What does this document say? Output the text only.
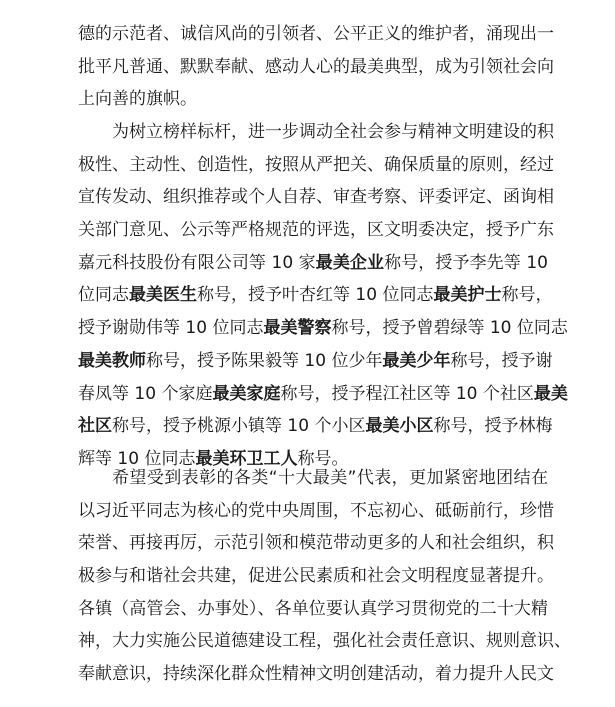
德的示范者、诚信风尚的引领者、公平正义的维护者，涌现出一
批平凡普通、默默奉献、感动人心的最美典型，成为引领社会向
上向善的旗帜。
为树立榜样标杆，进一步调动全社会参与精神文明建设的积
极性、主动性、创造性，按照从严把关、确保质量的原则，经过
宣传发动、组织推荐或个人自荐、审查考察、评委评定、函询相
关部门意见、公示等严格规范的评选，区文明委决定，授予广东
嘉元科技股份有限公司等 10 家最美企业称号，授予李先等 10
位同志最美医生称号，授予叶杏红等 10 位同志最美护士称号，
授予谢勋伟等 10 位同志最美警察称号，授予曾碧绿等 10 位同志
最美教师称号，授予陈果毅等 10 位少年最美少年称号，授予谢
春凤等 10 个家庭最美家庭称号，授予程江社区等 10 个社区最美
社区称号，授予桃源小镇等 10 个小区最美小区称号，授予林梅
辉等 10 位同志最美环卫工人称号。
希望受到表彰的各类“十大最美”代表，更加紧密地团结在
以习近平同志为核心的党中央周围，不忘初心、砥砺前行，珍惜
荣誉、再接再厉，示范引领和模范带动更多的人和社会组织，积
极参与和谐社会共建，促进公民素质和社会文明程度显著提升。
各镇（高管会、办事处）、各单位要认真学习贯彻党的二十大精
神，大力实施公民道德建设工程，强化社会责任意识、规则意识、
奉献意识，持续深化群众性精神文明创建活动，着力提升人民文
